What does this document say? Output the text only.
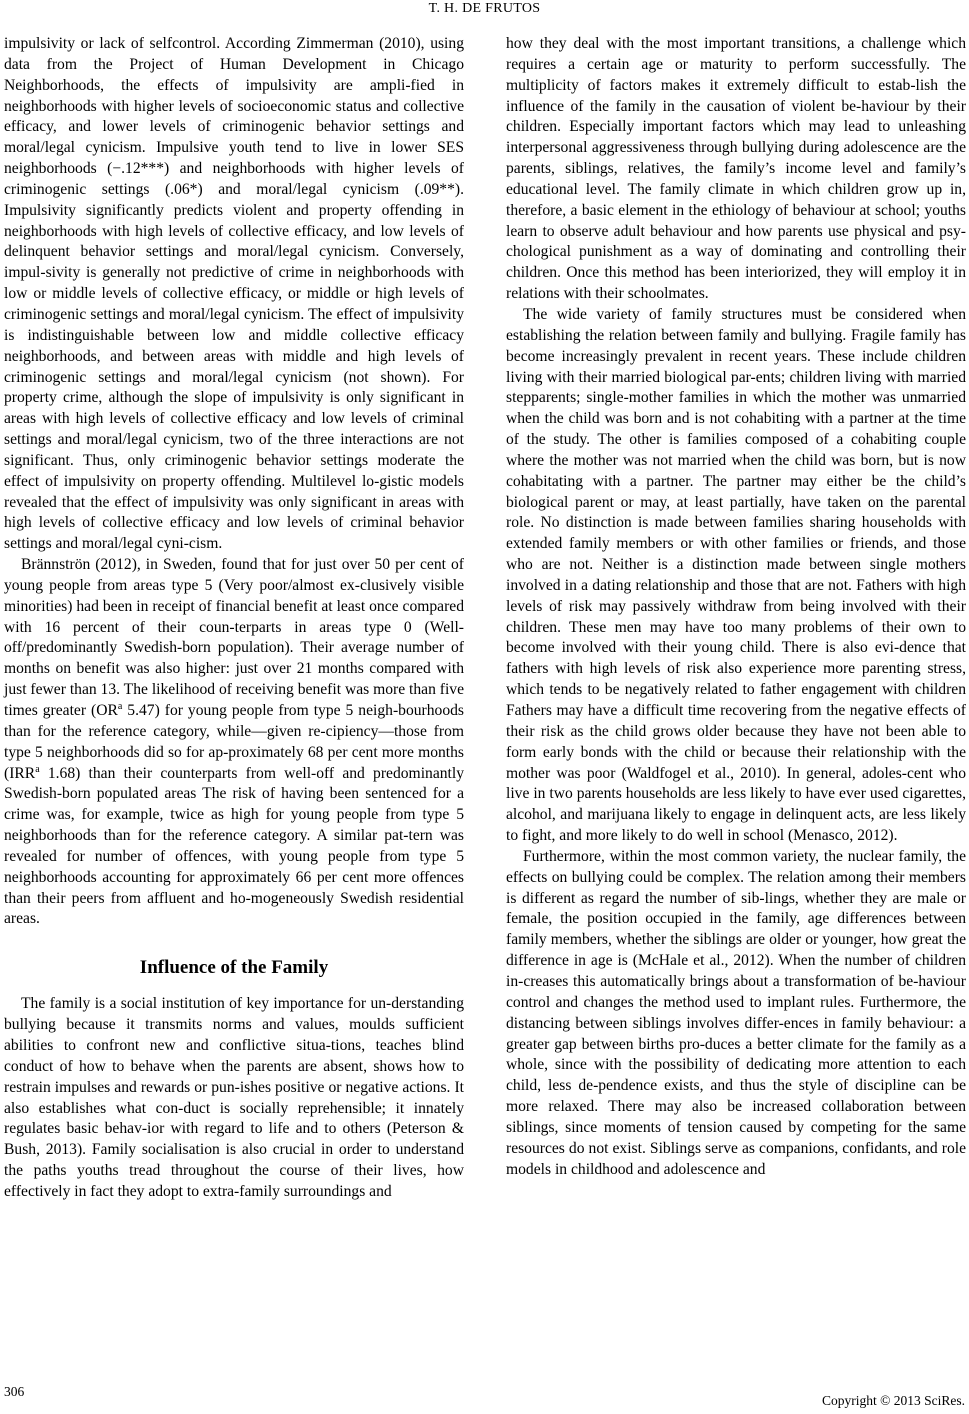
T. H. DE FRUTOS

impulsivity or lack of selfcontrol. According Zimmerman (2010), using data from the Project of Human Development in Chicago Neighborhoods, the effects of impulsivity are ampli-fied in neighborhoods with higher levels of socioeconomic status and collective efficacy, and lower levels of criminogenic behavior settings and moral/legal cynicism. Impulsive youth tend to live in lower SES neighborhoods (−.12***) and neighborhoods with higher levels of criminogenic settings (.06*) and moral/legal cynicism (.09**). Impulsivity significantly predicts violent and property offending in neighborhoods with high levels of collective efficacy, and low levels of delinquent behavior settings and moral/legal cynicism. Conversely, impul-sivity is generally not predictive of crime in neighborhoods with low or middle levels of collective efficacy, or middle or high levels of criminogenic settings and moral/legal cynicism. The effect of impulsivity is indistinguishable between low and middle collective efficacy neighborhoods, and between areas with middle and high levels of criminogenic settings and moral/legal cynicism (not shown). For property crime, although the slope of impulsivity is only significant in areas with high levels of collective efficacy and low levels of criminal settings and moral/legal cynicism, two of the three interactions are not significant. Thus, only criminogenic behavior settings moderate the effect of impulsivity on property offending. Multilevel lo-gistic models revealed that the effect of impulsivity was only significant in areas with high levels of collective efficacy and low levels of criminal behavior settings and moral/legal cyni-cism.

Brännströn (2012), in Sweden, found that for just over 50 per cent of young people from areas type 5 (Very poor/almost ex-clusively visible minorities) had been in receipt of financial benefit at least once compared with 16 percent of their coun-terparts in areas type 0 (Well-off/predominantly Swedish-born population). Their average number of months on benefit was also higher: just over 21 months compared with just fewer than 13. The likelihood of receiving benefit was more than five times greater ($OR^a$ 5.47) for young people from type 5 neigh-bourhoods than for the reference category, while—given re-cipiency—those from type 5 neighborhoods did so for ap-proximately 68 per cent more months (IRR$^a$ 1.68) than their counterparts from well-off and predominantly Swedish-born populated areas The risk of having been sentenced for a crime was, for example, twice as high for young people from type 5 neighborhoods than for the reference category. A similar pat-tern was revealed for number of offences, with young people from type 5 neighborhoods accounting for approximately 66 per cent more offences than their peers from affluent and ho-mogeneously Swedish residential areas.

Influence of the Family

The family is a social institution of key importance for un-derstanding bullying because it transmits norms and values, moulds sufficient abilities to confront new and conflictive situa-tions, teaches blind conduct of how to behave when the parents are absent, shows how to restrain impulses and rewards or pun-ishes positive or negative actions. It also establishes what con-duct is socially reprehensible; it innately regulates basic behav-ior with regard to life and to others (Peterson & Bush, 2013). Family socialisation is also crucial in order to understand the paths youths tread throughout the course of their lives, how effectively in fact they adopt to extra-family surroundings and

how they deal with the most important transitions, a challenge which requires a certain age or maturity to perform successfully. The multiplicity of factors makes it extremely difficult to estab-lish the influence of the family in the causation of violent be-haviour by their children. Especially important factors which may lead to unleashing interpersonal aggressiveness through bullying during adolescence are the parents, siblings, relatives, the family’s income level and family’s educational level. The family climate in which children grow up in, therefore, a basic element in the ethiology of behaviour at school; youths learn to observe adult behaviour and how parents use physical and psy-chological punishment as a way of dominating and controlling their children. Once this method has been interiorized, they will employ it in relations with their schoolmates.

The wide variety of family structures must be considered when establishing the relation between family and bullying. Fragile family has become increasingly prevalent in recent years. These include children living with their married biological par-ents; children living with married stepparents; single-mother families in which the mother was unmarried when the child was born and is not cohabiting with a partner at the time of the study. The other is families composed of a cohabiting couple where the mother was not married when the child was born, but is now cohabitating with a partner. The partner may either be the child’s biological parent or may, at least partially, have taken on the parental role. No distinction is made between families sharing households with extended family members or with other families or friends, and those who are not. Neither is a distinction made between single mothers involved in a dating relationship and those that are not. Fathers with high levels of risk may passively withdraw from being involved with their children. These men may have too many problems of their own to become involved with their young child. There is also evi-dence that fathers with high levels of risk also experience more parenting stress, which tends to be negatively related to father engagement with children Fathers may have a difficult time recovering from the negative effects of their risk as the child grows older because they have not been able to form early bonds with the child or because their relationship with the mother was poor (Waldfogel et al., 2010). In general, adoles-cent who live in two parents households are less likely to have ever used cigarettes, alcohol, and marijuana likely to engage in delinquent acts, are less likely to fight, and more likely to do well in school (Menasco, 2012).

Furthermore, within the most common variety, the nuclear family, the effects on bullying could be complex. The relation among their members is different as regard the number of sib-lings, whether they are male or female, the position occupied in the family, age differences between family members, whether the siblings are older or younger, how great the difference in age is (McHale et al., 2012). When the number of children in-creases this automatically brings about a transformation of be-haviour control and changes the method used to implant rules. Furthermore, the distancing between siblings involves differ-ences in family behaviour: a greater gap between births pro-duces a better climate for the family as a whole, since with the possibility of dedicating more attention to each child, less de-pendence exists, and thus the style of discipline can be more relaxed. There may also be increased collaboration between siblings, since moments of tension caused by competing for the same resources do not exist. Siblings serve as companions, confidants, and role models in childhood and adolescence and

306
Copyright © 2013 SciRes.
